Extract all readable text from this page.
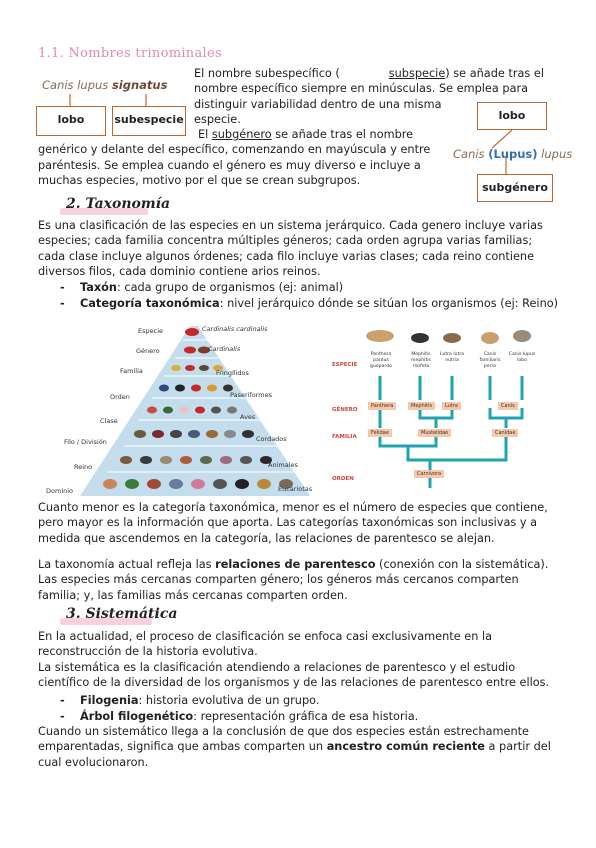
1.1. Nombres trinominales
Canis lupus signatus
lobo	subespecie
El nombre subespecífico (	subspecie) se añade tras el
nombre específico siempre en minúsculas. Se emplea para
distinguir variabilidad dentro de una misma
especie.
El subgénero se añade tras el nombre
genérico y delante del específico, comenzando en mayúscula y entre
paréntesis. Se emplea cuando el género es muy diverso e incluye a
muchas especies, motivo por el que se crean subgrupos.
lobo
Canis (Lupus) lupus
subgénero
2. Taxonomía
Es una clasificación de las especies en un sistema jerárquico. Cada genero incluye varias
especies; cada familia concentra múltiples géneros; cada orden agrupa varias familias;
cada clase incluye algunos órdenes; cada filo incluye varias clases; cada reino contiene
diversos filos, cada dominio contiene arios reinos.
- Taxón: cada grupo de organismos (ej: animal)
- Categoría taxonómica: nivel jerárquico dónde se sitúan los organismos (ej: Reino)
Especie
Género
Familia
Orden
Clase
Filo / División
Reino
Dominio
Cardinalis cardinalis
Cardinalis
Fringílidos
Paseriformes
Aves
Cordados
Animales
Eucariotas
ESPECIE
GÉNERO
FAMILIA
ORDEN
Panthera pardus
guepardo
Mephitis mephitis
mofeta
Lutra lutra
nutria
Canis familiaris
perro
Canis lupus
lobo
Panthera	Mephitis	Lutra	Canis
Felidae	Mustelidae	Canidae
Carnívora
Cuanto menor es la categoría taxonómica, menor es el número de especies que contiene,
pero mayor es la información que aporta. Las categorías taxonómicas son inclusivas y a
medida que ascendemos en la categoría, las relaciones de parentesco se alejan.
La taxonomía actual refleja las relaciones de parentesco (conexión con la sistemática).
Las especies más cercanas comparten género; los géneros más cercanos comparten
familia; y, las familias más cercanas comparten orden.
3. Sistemática
En la actualidad, el proceso de clasificación se enfoca casi exclusivamente en la
reconstrucción de la historia evolutiva.
La sistemática es la clasificación atendiendo a relaciones de parentesco y el estudio
científico de la diversidad de los organismos y de las relaciones de parentesco entre ellos.
- Filogenia: historia evolutiva de un grupo.
- Árbol filogenético: representación gráfica de esa historia.
Cuando un sistemático llega a la conclusión de que dos especies están estrechamente
emparentadas, significa que ambas comparten un ancestro común reciente a partir del
cual evolucionaron.
